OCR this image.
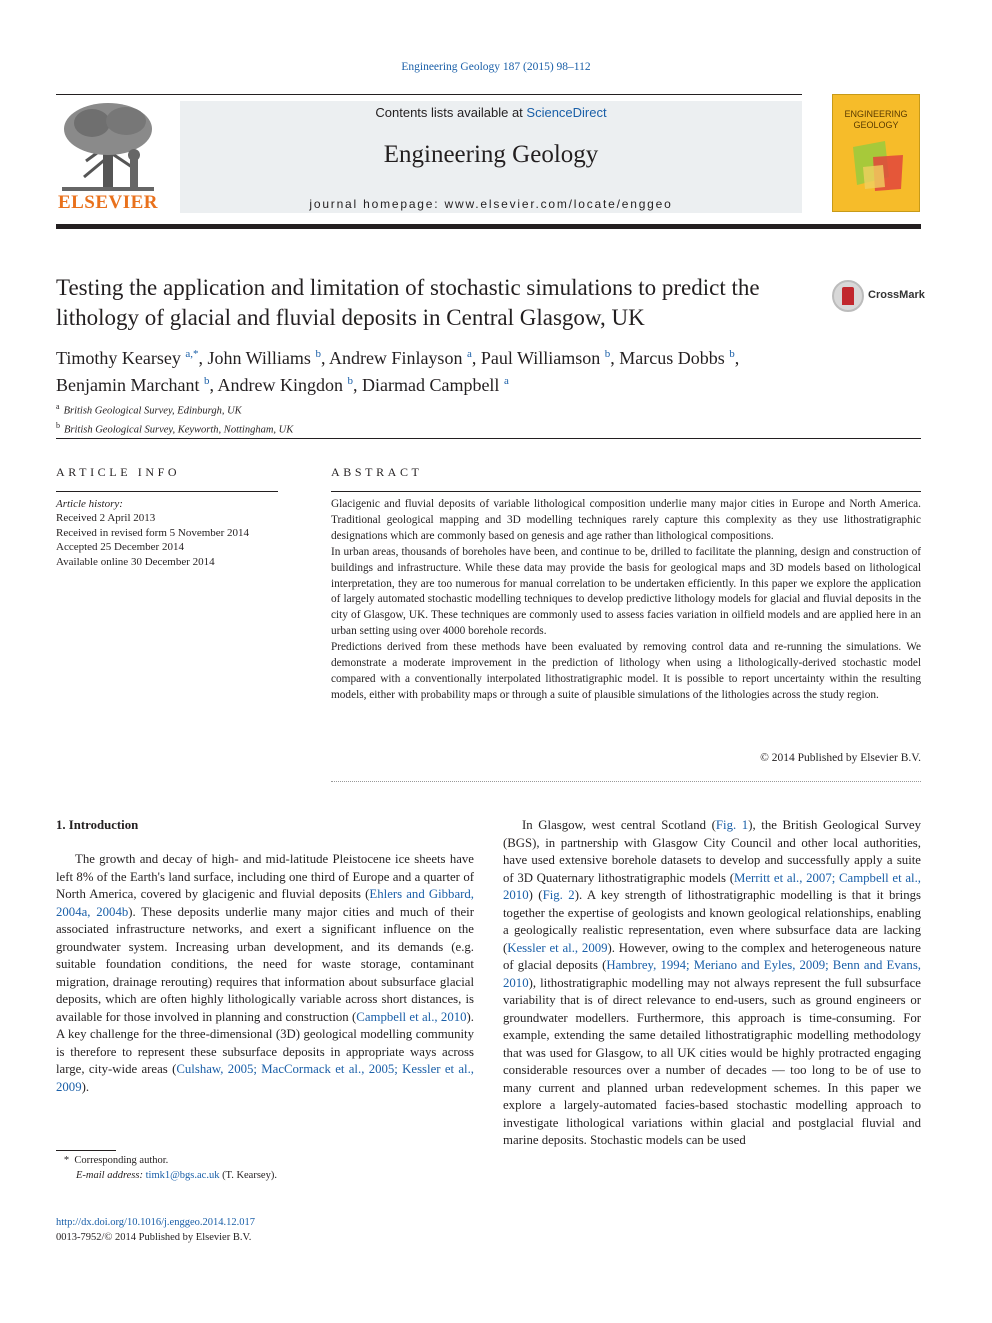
Engineering Geology 187 (2015) 98–112
ELSEVIER
Contents lists available at ScienceDirect
Engineering Geology
journal homepage: www.elsevier.com/locate/enggeo
ENGINEERING
GEOLOGY
Testing the application and limitation of stochastic simulations to predict the lithology of glacial and fluvial deposits in Central Glasgow, UK
CrossMark
Timothy Kearsey $^{a,*}$, John Williams $^b$, Andrew Finlayson $^a$, Paul Williamson $^b$, Marcus Dobbs $^b$,
Benjamin Marchant $^b$, Andrew Kingdon $^b$, Diarmad Campbell $^a$
$^a$ British Geological Survey, Edinburgh, UK
$^b$ British Geological Survey, Keyworth, Nottingham, UK
ARTICLE INFO
Article history:
Received 2 April 2013
Received in revised form 5 November 2014
Accepted 25 December 2014
Available online 30 December 2014
ABSTRACT

Glacigenic and fluvial deposits of variable lithological composition underlie many major cities in Europe and North America. Traditional geological mapping and 3D modelling techniques rarely capture this complexity as they use lithostratigraphic designations which are commonly based on genesis and age rather than lithological compositions.

In urban areas, thousands of boreholes have been, and continue to be, drilled to facilitate the planning, design and construction of buildings and infrastructure. While these data may provide the basis for geological maps and 3D models based on lithological interpretation, they are too numerous for manual correlation to be undertaken efficiently. In this paper we explore the application of largely automated stochastic modelling techniques to develop predictive lithology models for glacial and fluvial deposits in the city of Glasgow, UK. These techniques are commonly used to assess facies variation in oilfield models and are applied here in an urban setting using over 4000 borehole records.

Predictions derived from these methods have been evaluated by removing control data and re-running the simulations. We demonstrate a moderate improvement in the prediction of lithology when using a lithologically-derived stochastic model compared with a conventionally interpolated lithostratigraphic model. It is possible to report uncertainty within the resulting models, either with probability maps or through a suite of plausible simulations of the lithologies across the study region.

© 2014 Published by Elsevier B.V.
1. Introduction

The growth and decay of high- and mid-latitude Pleistocene ice sheets have left 8% of the Earth's land surface, including one third of Europe and a quarter of North America, covered by glacigenic and fluvial deposits (Ehlers and Gibbard, 2004a, 2004b). These deposits underlie many major cities and much of their associated infrastructure networks, and exert a significant influence on the groundwater system. Increasing urban development, and its demands (e.g. suitable foundation conditions, the need for waste storage, contaminant migration, drainage rerouting) requires that information about subsurface glacial deposits, which are often highly lithologically variable across short distances, is available for those involved in planning and construction (Campbell et al., 2010). A key challenge for the three-dimensional (3D) geological modelling community is therefore to represent these subsurface deposits in appropriate ways across large, city-wide areas (Culshaw, 2005; MacCormack et al., 2005; Kessler et al., 2009).

In Glasgow, west central Scotland (Fig. 1), the British Geological Survey (BGS), in partnership with Glasgow City Council and other local authorities, have used extensive borehole datasets to develop and successfully apply a suite of 3D Quaternary lithostratigraphic models (Merritt et al., 2007; Campbell et al., 2010) (Fig. 2). A key strength of lithostratigraphic modelling is that it brings together the expertise of geologists and known geological relationships, enabling a geologically realistic representation, even where subsurface data are lacking (Kessler et al., 2009). However, owing to the complex and heterogeneous nature of glacial deposits (Hambrey, 1994; Meriano and Eyles, 2009; Benn and Evans, 2010), lithostratigraphic modelling may not always represent the full subsurface variability that is of direct relevance to end-users, such as ground engineers or groundwater modellers. Furthermore, this approach is time-consuming. For example, extending the same detailed lithostratigraphic modelling methodology that was used for Glasgow, to all UK cities would be highly protracted engaging considerable resources over a number of decades — too long to be of use to many current and planned urban redevelopment schemes. In this paper we explore a largely-automated facies-based stochastic modelling approach to investigate lithological variations within glacial and postglacial fluvial and marine deposits. Stochastic models can be used

* Corresponding author.
E-mail address: timk1@bgs.ac.uk (T. Kearsey).
http://dx.doi.org/10.1016/j.enggeo.2014.12.017
0013-7952/© 2014 Published by Elsevier B.V.
